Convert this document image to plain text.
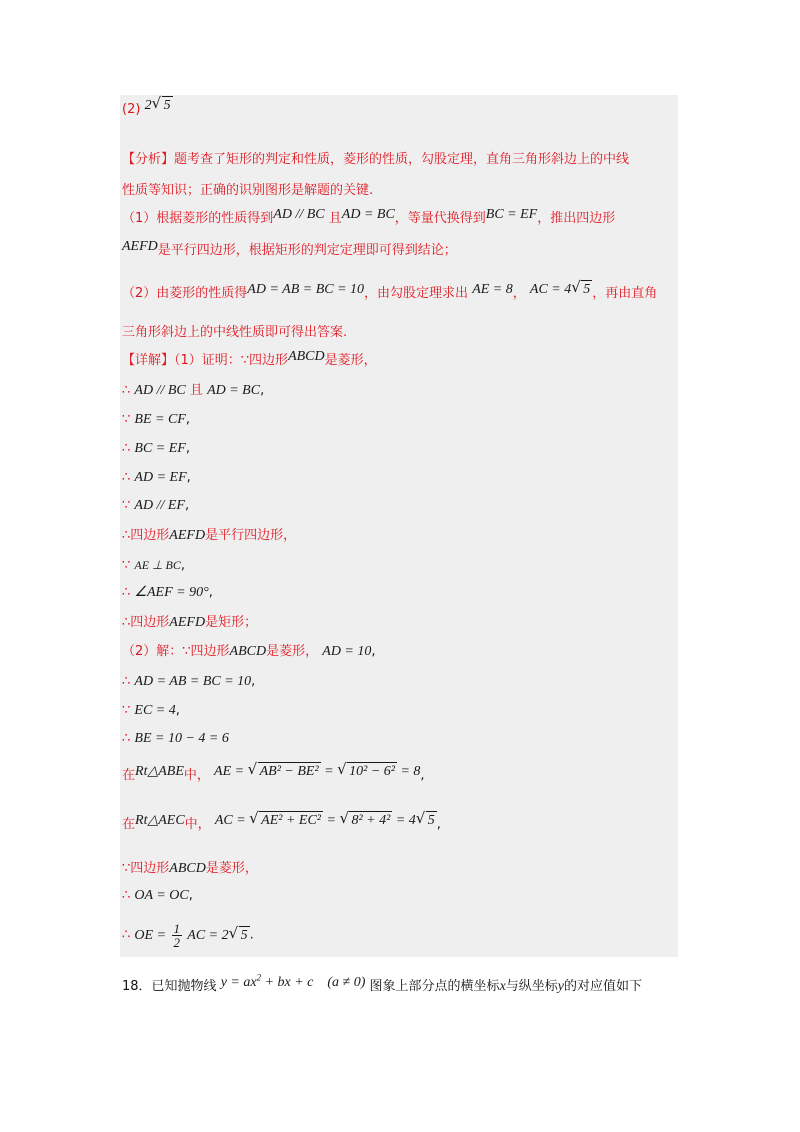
(2) 2 √ 5
【分析】题考查了矩形的判定和性质，菱形的性质，勾股定理，直角三角形斜边上的中线
性质等知识；正确的识别图形是解题的关键.
（1）根据菱形的性质得到AD // BC 且AD = BC，等量代换得到BC = EF，推出四边形
AEFD是平行四边形，根据矩形的判定定理即可得到结论；
（2）由菱形的性质得AD = AB = BC = 10，由勾股定理求出 AE = 8， AC = 4 √ 5 ，再由直角
三角形斜边上的中线性质即可得出答案.
【详解】（1）证明：∵四边形ABCD是菱形，
∴ AD // BC 且 AD = BC,
∵ BE = CF,
∴ BC = EF,
∴ AD = EF,
∵ AD // EF,
∴四边形AEFD是平行四边形，
∵ AE ⊥ BC,
∴ ∠AEF = 90°,
∴四边形AEFD是矩形；
（2）解：∵四边形ABCD是菱形， AD = 10,
∴ AD = AB = BC = 10,
∵ EC = 4,
∴ BE = 10 − 4 = 6
在Rt△ABE中， AE = √ AB² − BE² = √ 10² − 6² = 8,
在Rt△AEC中， AC = √ AE² + EC² = √ 8² + 4² = 4 √ 5 ,
∵四边形ABCD是菱形，
∴ OA = OC,
∴ OE = $\frac{1}{2}$ AC = 2 √ 5 .
18．已知抛物线 $y = ax^2$ + bx + c    (a ≠ 0) 图象上部分点的横坐标x与纵坐标y的对应值如下
